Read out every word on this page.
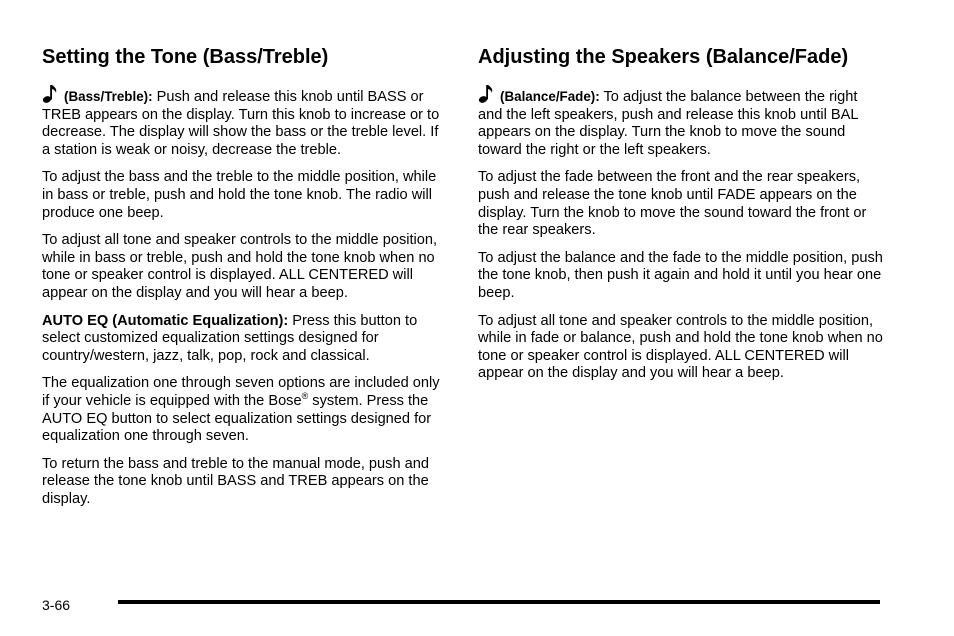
Setting the Tone (Bass/Treble)

(Bass/Treble): Push and release this knob until BASS or TREB appears on the display. Turn this knob to increase or to decrease. The display will show the bass or the treble level. If a station is weak or noisy, decrease the treble.

To adjust the bass and the treble to the middle position, while in bass or treble, push and hold the tone knob. The radio will produce one beep.

To adjust all tone and speaker controls to the middle position, while in bass or treble, push and hold the tone knob when no tone or speaker control is displayed. ALL CENTERED will appear on the display and you will hear a beep.

AUTO EQ (Automatic Equalization): Press this button to select customized equalization settings designed for country/western, jazz, talk, pop, rock and classical.

The equalization one through seven options are included only if your vehicle is equipped with the Bose® system. Press the AUTO EQ button to select equalization settings designed for equalization one through seven.

To return the bass and treble to the manual mode, push and release the tone knob until BASS and TREB appears on the display.

Adjusting the Speakers (Balance/Fade)

(Balance/Fade): To adjust the balance between the right and the left speakers, push and release this knob until BAL appears on the display. Turn the knob to move the sound toward the right or the left speakers.

To adjust the fade between the front and the rear speakers, push and release the tone knob until FADE appears on the display. Turn the knob to move the sound toward the front or the rear speakers.

To adjust the balance and the fade to the middle position, push the tone knob, then push it again and hold it until you hear one beep.

To adjust all tone and speaker controls to the middle position, while in fade or balance, push and hold the tone knob when no tone or speaker control is displayed. ALL CENTERED will appear on the display and you will hear a beep.

3-66
